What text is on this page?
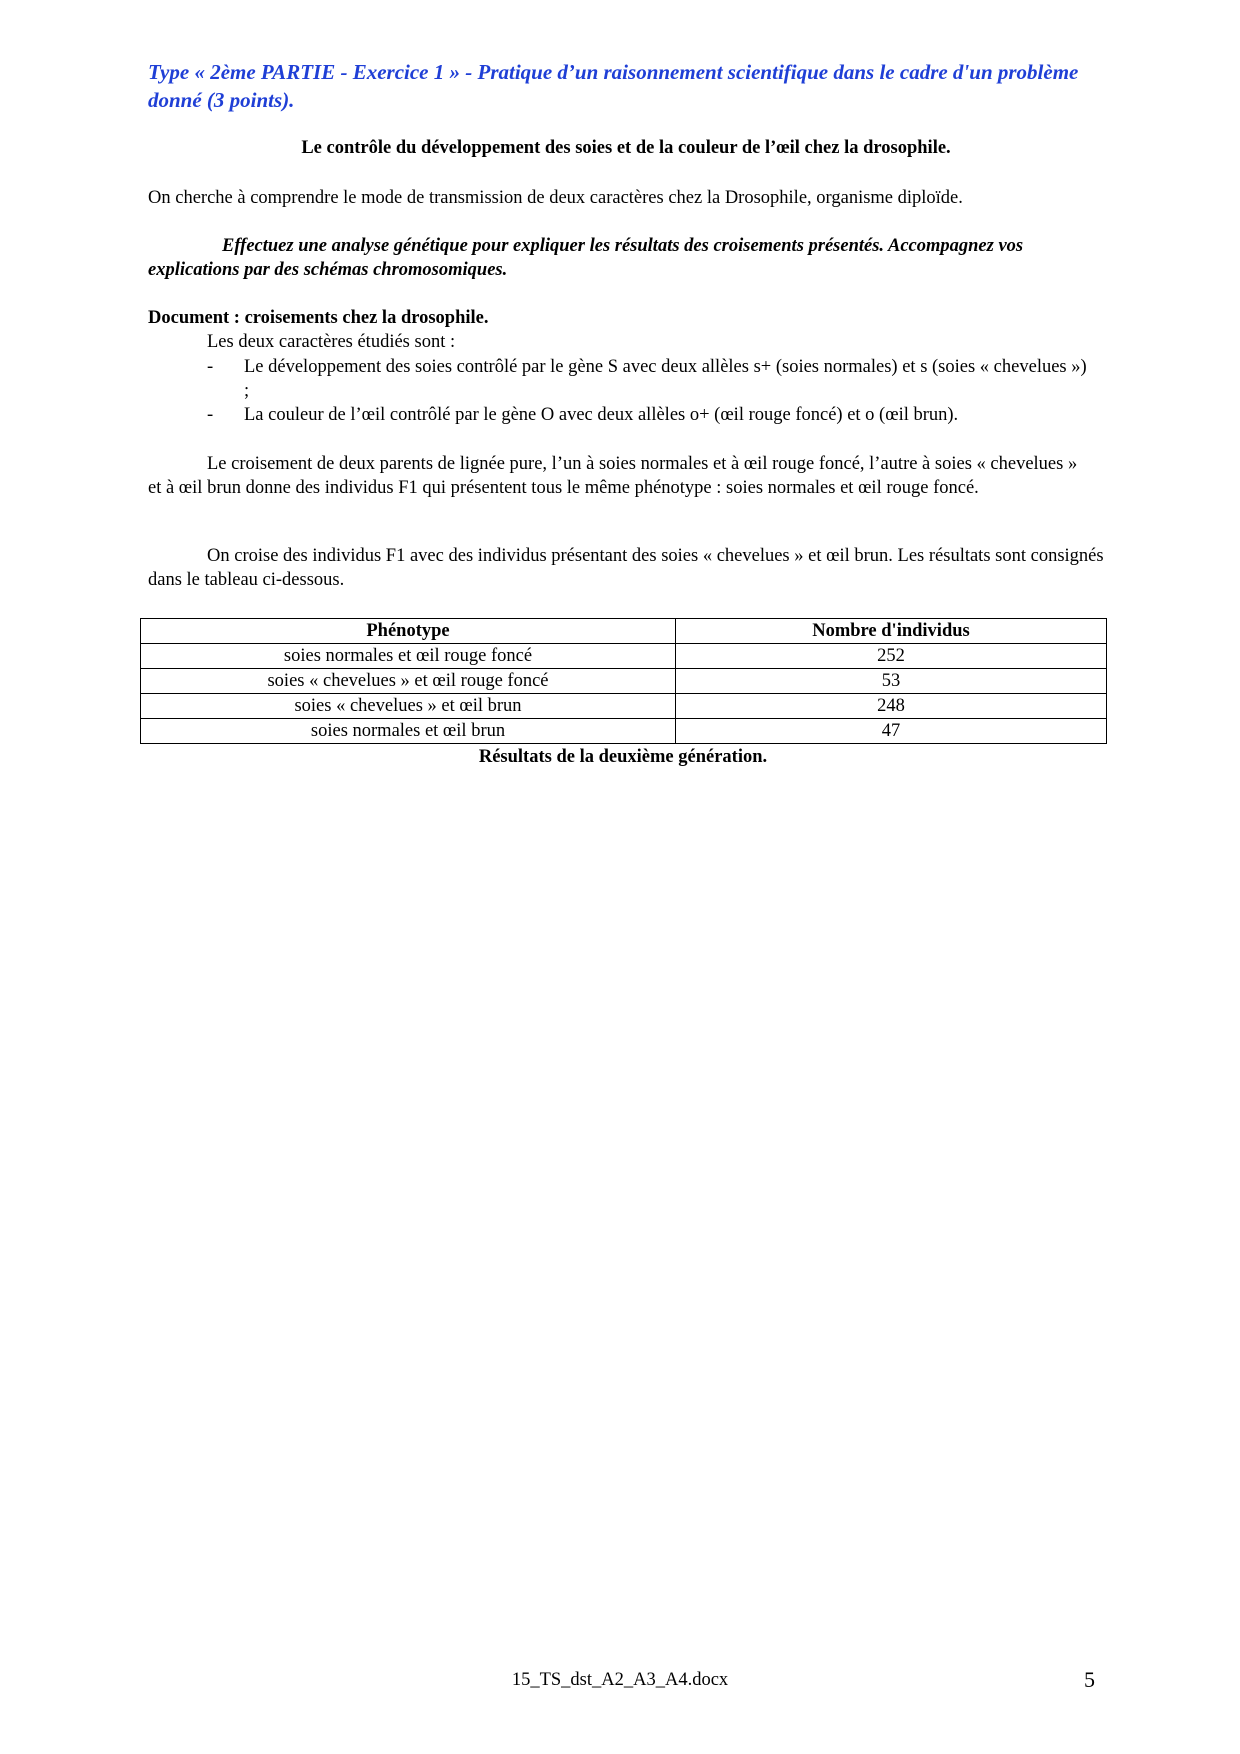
Type « 2ème PARTIE - Exercice 1 » - Pratique d’un raisonnement scientifique dans le cadre d'un problème donné (3 points).
Le contrôle du développement des soies et de la couleur de l’œil chez la drosophile.
On cherche à comprendre le mode de transmission de deux caractères chez la Drosophile, organisme diploïde.
Effectuez une analyse génétique pour expliquer les résultats des croisements présentés. Accompagnez vos explications par des schémas chromosomiques.
Document : croisements chez la drosophile.
Les deux caractères étudiés sont :
- Le développement des soies contrôlé par le gène S avec deux allèles s+ (soies normales) et s (soies « chevelues ») ;
- La couleur de l’œil contrôlé par le gène O avec deux allèles o+ (œil rouge foncé) et o (œil brun).
Le croisement de deux parents de lignée pure, l’un à soies normales et à œil rouge foncé, l’autre à soies « chevelues » et à œil brun donne des individus F1 qui présentent tous le même phénotype : soies normales et œil rouge foncé.
On croise des individus F1 avec des individus présentant des soies « chevelues » et œil brun. Les résultats sont consignés dans le tableau ci-dessous.
Phénotype	Nombre d'individus
soies normales et œil rouge foncé	252
soies « chevelues » et œil rouge foncé	53
soies « chevelues » et œil brun	248
soies normales et œil brun	47
Résultats de la deuxième génération.
15_TS_dst_A2_A3_A4.docx	5
